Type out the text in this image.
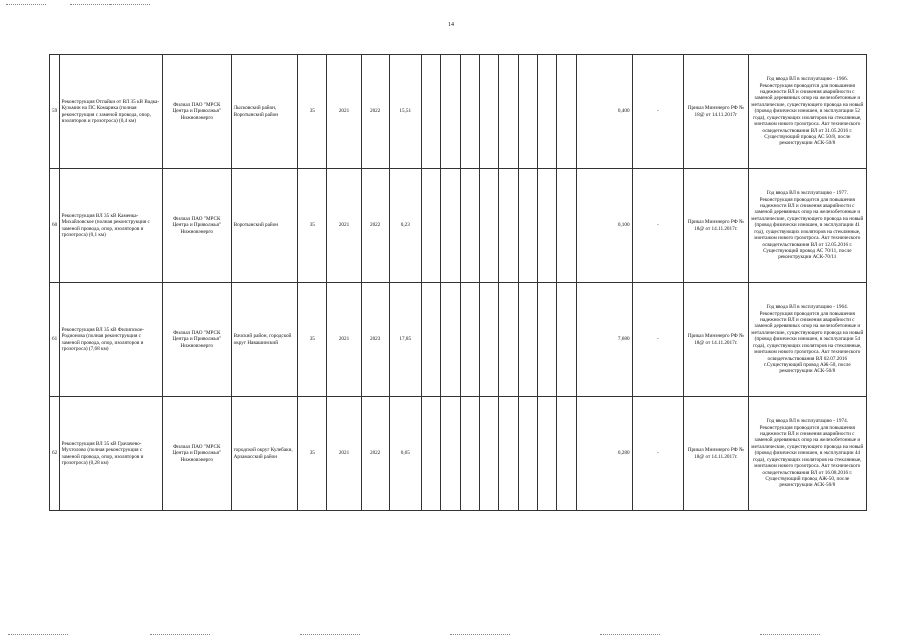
14
59	Реконструкция Отпайки от ВЛ 35 кВ Вадка-Кузьмин на ПС Комарика (полная реконструкция с заменой провода, опор, изоляторов и грозотроса) (0,4 км)	Филиал ПАО "МРСК Центра и Приволжья" Нижновэнерго	Лысковский район, Воротынский район	35	2021	2022	15,51									0,400	-	Приказ Минэнерго РФ № 18@ от 14.11.2017г	Год ввода ВЛ в эксплуатацию - 1966. Реконструкция проводится для повышения надежности ВЛ и снижения аварийности с заменой деревянных опор на железобетонные и металлические, существующего провода на новый (провод физически изношен, в эксплуатации 52 года), существующих изоляторов на стеклянные, монтажом нового грозотроса. Акт технического освидетельствования ВЛ от 31.05.2016 г. Существующий провод АС 50/8, после реконструкции АСК-50/8
60	Реконструкция ВЛ 35 кВ Каменка-Михайловское (полная реконструкция с заменой провода, опор, изоляторов и грозотроса) (0,1 км)	Филиал ПАО "МРСК Центра и Приволжья" Нижновэнерго	Воротынский район	35	2021	2022	0,23									0,100	-	Приказ Минэнерго РФ № 18@ от 14.11.2017г.	Год ввода ВЛ в эксплуатацию - 1977. Реконструкция проводится для повышения надежности ВЛ и снижения аварийности с заменой деревянных опор на железобетонные и металлические, существующего провода на новый (провод физически изношен, в эксплуатации 41 год), существующих изоляторов на стеклянные, монтажом нового грозотроса. Акт технического освидетельствования ВЛ от 12.05.2016 г. Существующий провод АС 70/11, после реконструкции АСК-70/11
61	Реконструкция ВЛ 35 кВ Филипское-Родионова (полная реконструкция с заменой провода, опор, изоляторов и грозотроса) (7,68 км)	Филиал ПАО "МРСК Центра и Приволжья" Нижновэнерго	Вачский район, городской округ Навашинский	35	2021	2023	17,85									7,680	-	Приказ Минэнерго РФ № 18@ от 14.11.2017г.	Год ввода ВЛ в эксплуатацию - 1964. Реконструкция проводится для повышения надежности ВЛ и снижения аварийности с заменой деревянных опор на железобетонные и металлические, существующего провода на новый (провод физически изношен, в эксплуатации 54 года), существующих изоляторов на стеклянные, монтажом нового грозотроса. Акт технического освидетельствования ВЛ 02.07.2016 г.Существующий провод АЖ-50, после реконструкции АСК-50/8
62	Реконструкция ВЛ 35 кВ Грачачево-Мухтолово (полная реконструкция с заменой провода, опор, изоляторов и грозотроса) (0,28 км)	Филиал ПАО "МРСК Центра и Приволжья" Нижновэнерго	городской округ Кулебаки, Арзамасский район	35	2021	2022	0,65									0,280	-	Приказ Минэнерго РФ № 18@ от 14.11.2017г.	Год ввода ВЛ в эксплуатацию - 1974. Реконструкция проводится для повышения надежности ВЛ и снижения аварийности с заменой деревянных опор на железобетонные и металлические, существующего провода на новый (провод физически изношен, в эксплуатации 44 года), существующих изоляторов на стеклянные, монтажом нового грозотроса. Акт технического освидетельствования ВЛ от 16.08.2016 г. Существующий провод АЖ-50, после реконструкции АСК-50/8
